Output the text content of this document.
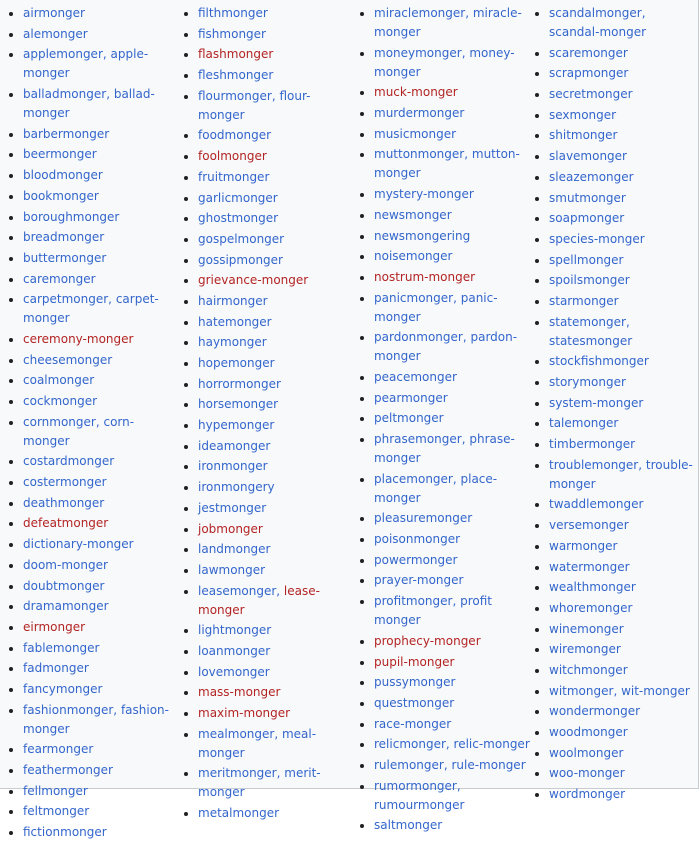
airmonger
alemonger
applemonger, apple-monger
balladmonger, ballad-monger
barbermonger
beermonger
bloodmonger
bookmonger
boroughmonger
breadmonger
buttermonger
caremonger
carpetmonger, carpet-monger
ceremony-monger
cheesemonger
coalmonger
cockmonger
cornmonger, corn-monger
costardmonger
costermonger
deathmonger
defeatmonger
dictionary-monger
doom-monger
doubtmonger
dramamonger
eirmonger
fablemonger
fadmonger
fancymonger
fashionmonger, fashion-monger
fearmonger
feathermonger
fellmonger
feltmonger
fictionmonger
filthmonger
fishmonger
flashmonger
fleshmonger
flourmonger, flour-monger
foodmonger
foolmonger
fruitmonger
garlicmonger
ghostmonger
gospelmonger
gossipmonger
grievance-monger
hairmonger
hatemonger
haymonger
hopemonger
horrormonger
horsemonger
hypemonger
ideamonger
ironmonger
ironmongery
jestmonger
jobmonger
landmonger
lawmonger
leasemonger, lease-monger
lightmonger
loanmonger
lovemonger
mass-monger
maxim-monger
mealmonger, meal-monger
meritmonger, merit-monger
metalmonger
miraclemonger, miracle-monger
moneymonger, money-monger
muck-monger
murdermonger
musicmonger
muttonmonger, mutton-monger
mystery-monger
newsmonger
newsmongering
noisemonger
nostrum-monger
panicmonger, panic-monger
pardonmonger, pardon-monger
peacemonger
pearmonger
peltmonger
phrasemonger, phrase-monger
placemonger, place-monger
pleasuremonger
poisonmonger
powermonger
prayer-monger
profitmonger, profit monger
prophecy-monger
pupil-monger
pussymonger
questmonger
race-monger
relicmonger, relic-monger
rulemonger, rule-monger
rumormonger, rumourmonger
saltmonger
scandalmonger, scandal-monger
scaremonger
scrapmonger
secretmonger
sexmonger
shitmonger
slavemonger
sleazemonger
smutmonger
soapmonger
species-monger
spellmonger
spoilsmonger
starmonger
statemonger, statesmonger
stockfishmonger
storymonger
system-monger
talemonger
timbermonger
troublemonger, trouble-monger
twaddlemonger
versemonger
warmonger
watermonger
wealthmonger
whoremonger
winemonger
wiremonger
witchmonger
witmonger, wit-monger
wondermonger
woodmonger
woolmonger
woo-monger
wordmonger
